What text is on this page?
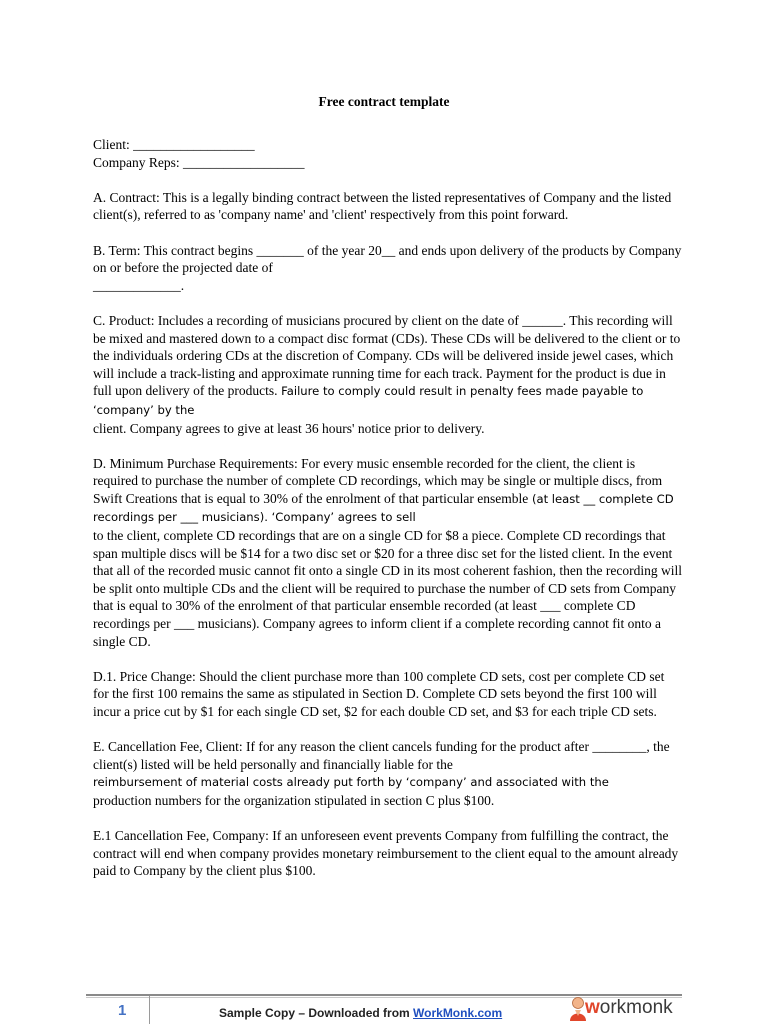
Free contract template

Client: __________________

Company Reps: __________________

A. Contract: This is a legally binding contract between the listed representatives of Company and the listed client(s), referred to as 'company name' and 'client' respectively from this point forward.

B. Term: This contract begins _______ of the year 20__ and ends upon delivery of the products by Company on or before the projected date of
_____________.

C. Product: Includes a recording of musicians procured by client on the date of ______. This recording will be mixed and mastered down to a compact disc format (CDs). These CDs will be delivered to the client or to the individuals ordering CDs at the discretion of Company. CDs will be delivered inside jewel cases, which will include a track-listing and approximate running time for each track. Payment for the product is due in full upon delivery of the products. Failure to comply could result in penalty fees made payable to ‘company’ by the
client. Company agrees to give at least 36 hours' notice prior to delivery.

D. Minimum Purchase Requirements: For every music ensemble recorded for the client, the client is required to purchase the number of complete CD recordings, which may be single or multiple discs, from Swift Creations that is equal to 30% of the enrolment of that particular ensemble (at least __ complete CD recordings per ___ musicians). ‘Company’ agrees to sell
to the client, complete CD recordings that are on a single CD for $8 a piece. Complete CD recordings that span multiple discs will be $14 for a two disc set or $20 for a three disc set for the listed client. In the event that all of the recorded music cannot fit onto a single CD in its most coherent fashion, then the recording will be split onto multiple CDs and the client will be required to purchase the number of CD sets from Company that is equal to 30% of the enrolment of that particular ensemble recorded (at least ___ complete CD recordings per ___ musicians). Company agrees to inform client if a complete recording cannot fit onto a single CD.

D.1. Price Change: Should the client purchase more than 100 complete CD sets, cost per complete CD set for the first 100 remains the same as stipulated in Section D. Complete CD sets beyond the first 100 will incur a price cut by $1 for each single CD set, $2 for each double CD set, and $3 for each triple CD sets.

E. Cancellation Fee, Client: If for any reason the client cancels funding for the product after ________, the client(s) listed will be held personally and financially liable for the
reimbursement of material costs already put forth by ‘company’ and associated with the
production numbers for the organization stipulated in section C plus $100.

E.1 Cancellation Fee, Company: If an unforeseen event prevents Company from fulfilling the contract, the contract will end when company provides monetary reimbursement to the client equal to the amount already paid to Company by the client plus $100.

1	Sample Copy – Downloaded from WorkMonk.com	workmonk
